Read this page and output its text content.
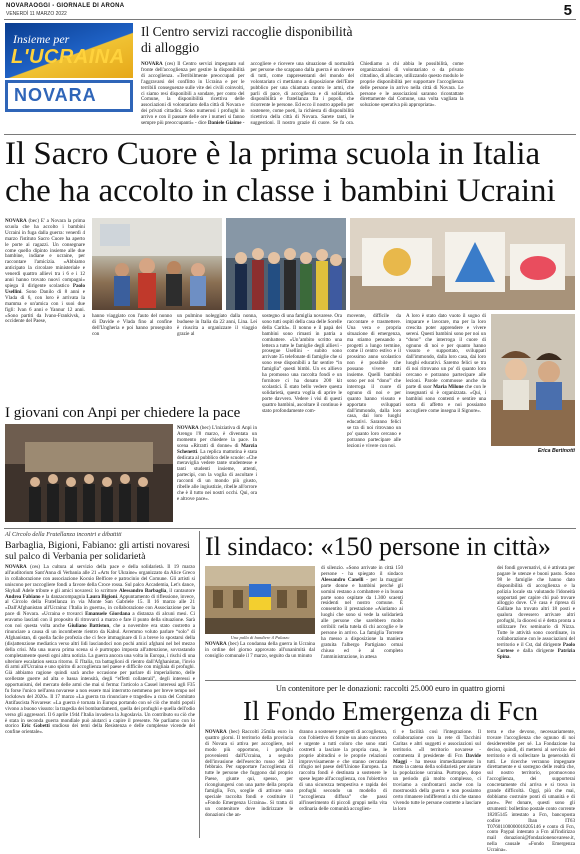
NOVARAOGGI - GIORNALE DI ARONA
VENERDÌ 11 MARZO 2022	5
Insieme per
L'UCRAINA
NOVARA
Il Centro servizi raccoglie disponibilità di alloggio
NOVARA (ces) Il Centro servizi impegnato sul fronte dell'accoglienza per gestire la disponibilità di accoglienza. «Terribilmente preoccupati per l'aggravarsi del conflitto in Ucraina e per le terribili conseguenze sulle vite dei civili coinvolti, ci siamo resi disponibili a sondare, per conto del Comune, la disponibilità ricettiva delle associazioni di volontariato della città di Novara e dei privati cittadini. Sono numerosi i profughi in arrivo e con il passare delle ore i numeri si fanno sempre più preoccupanti» - dice Daniele Giaime - accogliere e ricevere una situazione di normalità per persone che scappano dalla guerra è un dovere di tutti, come rappresentanti del mondo del volontariato ci mettiamo a disposizione dell'Ente pubblico per una chiamata contro le armi, che parli di pace, di accoglienza e di solidarietà. disponibilità e fratellanza fra i popoli, che ricorrente le persone. Ed ecco il nostro appello per sostenere, come poeti, la richiesta di disponibilità ricettiva della città di Novara. Sarete tanti, le suggestioni. Il nostro grazie di cuore. Se fa ora. Chiediamo a chi abbia le possibilità, come organizzazioni di volontariato o da privato cittadino, di allocare, utilizzando questo modulo le proprie disponibilità per supportare l'accoglienza delle persone in arrivo nella città di Novara. Le persone e le associazioni saranno ricontattate direttamente dal Comune, una volta vagliata la soluzione operativa più appropriata».
Il Sacro Cuore è la prima scuola in Italia
che ha accolto in classe i bambini Ucraini
NOVARA (bec) E' a Novara la prima scuola che ha accolto i bambini Ucraini in fuga dalla guerra: venerdì 4 marzo l'istituto Sacro Cuore ha aperto le porte ai ragazzi. Un consegnare come quello dipinto insieme alle due bambine, indiane e ucraine, per raccontare l'amicizia. «Abbiamo anticipato la circolare ministeriale e venerdì quattro allievi tra i 6 e i 12 anni hanno trovato nuovi compagni» spiega il dirigente scolastico Paolo Usellini. Sono Danilo di 8 anni e Vlada di 6, con loro è arrivata la mamma e un'amica con i suoi due figli: Ivan 6 anni e Yannur 12 anni. «Sono partiti da Ivano-Frankivsk, a occidente del Paese,
hanno viaggiato con l'auto del nonno di Davide e Vlada fino al confine dell'Ungheria e poi hanno proseguito con
un pulmino noleggiato dalla nonna, buduese in Italia da 22 anni, Lina. Lei è riuscita a organizzare il viaggio grazie al
sostegno di una famiglia novarese. Ora sono tutti ospiti della casa delle Sorelle della Carità». Il nonno e il papà dei bambini sono rimasti in patria a combattere. «Un’ambito scritto una lettera a tutte le famiglie degli allievi - prosegue Usellini - subito sono arrivate 35 telefonate di famiglie che si sono rese disponibili a far sentire “in famiglia” questi bimbi. Un ex allievo ha promosso una raccolta fondi e un fornitore ci ha donato 200 kit scolastici. È stato bello vedere questa solidarietà, questa voglia di aprire le porte davvero. Vedere i visi di questi quattro bambini, ascoltare il continuo è stato profondamente com-
movente, difficile da raccontare e trasmettere. Una vera e propria situazione di emergenza, ma stiamo pensando a progetti a lungo termine, come il centro estivo e il prossimo anno scolastico non è possibile che possano vivere tutti insieme. Quelli bambini sono per noi “dono” che interroga il cuore di ognuno di noi e per quanto hanno vissuto e apportato sviluppati dall'immondo, dalla loro casa, dai loro luoghi educativi. Saranno felici se tra di noi ritrovano un po' quanto loro cercano e potranno partecipare alle lezioni e vivere con noi.
A loro è stato dato vuoto il sogno di imparare e lavorare, ma per la loro crescita poter apprendere e vivere sereni. Questi bambini sono per noi un “dono” che interroga il cuore di ognuno di noi e per quanto hanno vissuto e supportato, sviluppati dall'immondo, dalla loro casa, dai loro luoghi educativi. Saremo felici se tra di noi ritrovano un po' di quanto loro cercano e potranno partecipare alle lezioni. Parole commosse anche da parte di suor Maria Milone che con le insegnanti si è organizzata. «Qui, i bambini sono contenti e sentire una sorta di affetto e noi possiamo accogliere come insegna il Signore».
Erica Bertinotti
I giovani con Anpi per chiedere la pace
NOVARA (bec) L'iniziativa di Anpi in Arengo l'8 marzo, è diventata un momento per chiedere la pace. In scena «Ritratti di donne» di Marzia Schenetti. La replica mattutina è stata dedicata al pubblico delle scuole: «Che meraviglia vedere tante studentesse e tanti studenti insieme, attenti, partecipi, con la voglia di ascoltare i racconti di un mondo più giusto, ribelle alle ingiustizie, ribelle all'orrore che è il tutto nei nostri occhi. Qui, ora e altrove pace».
Al Circolo della Fratellanza incontri e dibattiti
Barbaglia, Bigioni, Fabiano: gli artisti novaresi sul palco di Verbania per solidarietà
NOVARA (ces) La cultura al servizio della pace e della solidarietà. Il 19 marzo all'auditorium Sant'Anna di Verbania alle 21 «Arts for Ukraine» organizzato da Alice Greco in collaborazione con associazione Kocsio Belfiore e patrocinio del Comune. Gli artisti si uniscono per raccogliere fondi a favore della Croce rossa. Sul palco Accademia, Let's dance, Skyhall Adele tribute e gli amici novaresi: lo scrittore Alessandro Barbaglia, il cantautore Andrea Fabiano e la danzacompagnia Laura Bigioni. Appuntamento di riflessione, invece, al Circolo della Fratellanza in via Monte San Gabriele 15. Il 16 marzo alle 21 «Dall'Afghanistan all'Ucraina: l'Italia in guerra», in collaborazione con Associazione per la pace di Novara. «Ucraina e trovarci Emanuele Giordana a distanza di alcuni mesi. Ci eravamo lasciati con il proposito di ritrovarci a marzo e fare il punto della situazione. Sarà con noi questa volta anche Giuliano Battiston, che a novembre era stato costretto a rinunciare a causa di un incombente rientro da Kabul. Avremmo voluto parlare “solo” di Afghanistan, di quella facile profezia che ci fece immaginare di lì a breve lo spostarsi della (dis)attenzione mediatica verso altri lidi lasciandoci non pochi amici afghani nel bel mezzo della crisi. Ma una nuova prima scena si è purtroppo imposta all'attenzione, sovrastando completamente questi ogni altra notizia. La guerra ancora una volta in Europa, i rischi di una ulteriore escalation senza ritorno. E l'Italia, tra battaglioni di rientro dall'Afghanistan, l'invio di armi all'Ucraina e uno spirito di accoglienza nel paese e difficile con migliaia di profughi. Già abbiamo ragione quindi sarà anche occasione per parlare di imperialismo, delle scellerate guerre ad alta e bassa intensità, degli “effetti collaterali”, degli interessi e opportunismi, del mercato delle armi che mai si ferma: l'articolo a Cassel interessi agli F35 fu forse l'unico nell'area novarese a non essere mai interrotto nemmeno per breve tempo nel lockdown del 2020». Il 17 marzo «La guerra tra rinunciare e tragedie» a cura del Comitato Antifascista Novarese: «La guerra è tornata in Europa portando con sé ciò che molti popoli vivono a buono vissuto: la tragedia dei bombardamenti, quella dei profughi e quella dell'odio verso gli aggressori. Il 6 aprile 1944 l'Italia invadeva la Jugoslavia. Un contributo su ciò che è stata in seconda guerra mondiale può aiutarci a capire il presente. Ne parliamo con lo storico Eric Gobetti studioso dei temi della Resistenza e delle complesse vicende del confine orientale».
Il sindaco: «150 persone in città»
Una palla di bandiere il Palazzo
NOVARA (bec) La condanna della guerra in Ucraina in ordine del giorno approvato all'unanimità dal consiglio comunale il 7 marzo, seguito da un minuto
di silenzio. «Sono arrivate in città 150 persone - ha spiegato il sindaco Alessandro Canelli - per la maggior parte donne e bambini perché gli uomini restano a combattere e in buona parte sono ospitate da 1.300 scaenti residenti nel nostro comune. È consentito il prestazione «Aiutiamo ai luoghi che sono si vede la solidarietà alle persone che sarebbero molto orribili: nella tutela di chi accoglie e le persone in arrivo. La famiglia Torrente ha messo a disposizione la maniera gratuita l'albergo Partigiano ormai chiuso ed è al completo l'amministrazione, in attesa
dei fondi governativi, si è attivata per pagare le utenze e buoni pasto. Sono 98 le famiglie che hanno dato disponibilità di accoglienza e la polizia locale sta valutando l'idoneità sopportati per capire chi può trovare alloggio dove. C'è casa è ripresa di Galliate ha trovato altri 18 posti e qualora dovessero arrivare altri profughi, la diocesi si è detta pronta a utilizzare l'ex seminario di Nizza. Tutte le attività sono coordinate, in collaborazione con le associazioni del territorio e il Cst, dal dirigente Paolo Cortese e dalla dirigente Patrizia Spina.
Un contenitore per le donazioni: raccolti 25.000 euro in quattro giorni
Il Fondo Emergenza di Fcn
NOVARA (bec) Raccolti 25mila euro in quattro giorni. Il territorio della provincia di Novara si attiva per accogliere, nel modo più opportuno, i profughi provenienti dall'Ucraina, a seguito dell'invasione dell'esercito russo del 24 febbraio. Per supportare l'accoglienza di tutte le persone che fuggono dal proprio Paese, giunte qui, spesso, per ricongiungersi con una parte della propria famiglia, Fcn, sceglie di attivare uno speciale raccolta fondi e costituire il «Fondo Emergenza Ucraina». Si tratta di un contenitore dove indirizzare le donazioni che an-
dranno a sostenere progetti di accoglienza, con l'obiettivo di fornire un aiuto concreto e urgente a tutti coloro che sono stati costretti a lasciare la propria casa, le proprie abitudini e le proprie relazioni improvvisamente e che stanno cercando rifugio nel paese dell'Unione Europea. La raccolta fondi è destinata a sostenere le spese legate all'accoglienza, con l'obiettivo di una sicurezza tempestiva e rapida dei profughi secondo un modello di “accoglienza diffusa” che passi all'inserimento di piccoli gruppi nella vita ordinaria delle comunità accoglien-
ti e facilità così l'integrazione. Il collaborazione con la rete di Tacchini Caritas e altri soggetti e associazioni sul territorio. «Il territorio novarese - commenta il presidente di Fcn Davide Maggi - ha messo immediatamente in moto la catena della solidarietà per aiutare la popolazione ucraina. Purtroppo, dopo un periodo già molto complesso, ci troviamo a confrontarci anche con la mostruosità della guerra e non possiamo certo rimanere indifferenti a chi che stanno vivendo tutte le persone costrette a lasciare la loro
terra e che devono, necessariamente, trovare l'accoglienza che ognuno di noi desidererebbe per sé. La Fondazione ha deciso, quindi, di mettersi al servizio del territorio e di sollecitare la generosità di tutti. Le ricerche verranno impegnate direttamente e si sostegno delle realtà che, sul nostro territorio, promuovono l'accoglienza, dei supporterai concretamente chi arriva e si trova in grande difficoltà. Oggi, più che mai, dobbiamo costruire ponti di umanità e di pace». Per donare, questi sono gli strumenti: bollettino postale conto corrente 18205145 intestato a Fcn, bancoposta codice Iban IT63 T07601100000018205146 e conto di Fcn, conto Paypal intestato a Fcn all'indirizzo mail donazioni@fondazionenovarese.it, nella causale «Fondo Emergenza Ucraina».
